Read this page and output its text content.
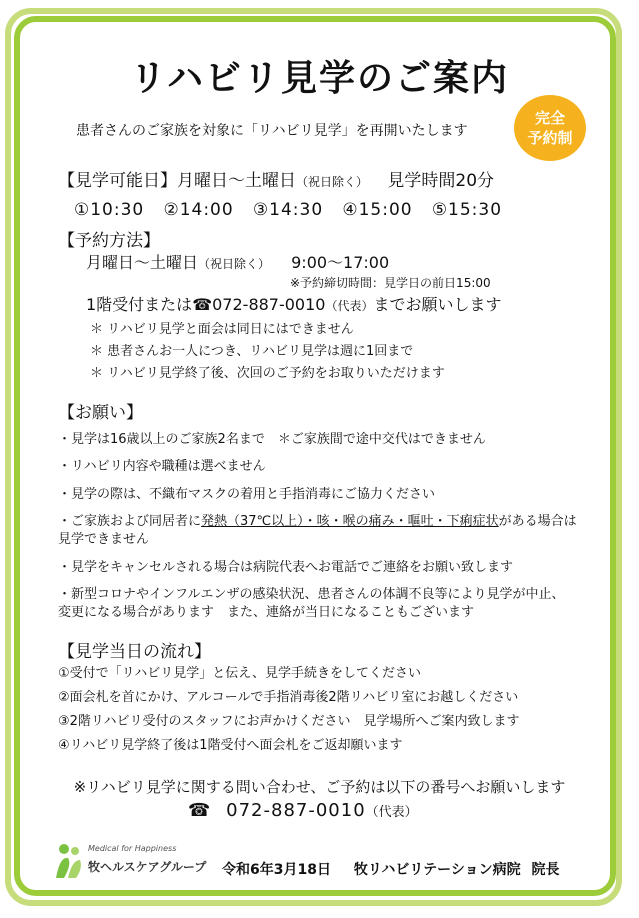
リハビリ見学のご案内
患者さんのご家族を対象に「リハビリ見学」を再開いたします
完全
予約制
【見学可能日】月曜日～土曜日（祝日除く） 見学時間20分
①10:30 ②14:00 ③14:30 ④15:00 ⑤15:30
【予約方法】
月曜日～土曜日（祝日除く） 9:00～17:00
※予約締切時間：見学日の前日15:00
1階受付または☎072-887-0010（代表）までお願いします
＊ リハビリ見学と面会は同日にはできません
＊ 患者さんお一人につき、リハビリ見学は週に1回まで
＊ リハビリ見学終了後、次回のご予約をお取りいただけます
【お願い】
・見学は16歳以上のご家族2名まで　＊ご家族間で途中交代はできません
・リハビリ内容や職種は選べません
・見学の際は、不織布マスクの着用と手指消毒にご協力ください
・ご家族および同居者に発熱（37℃以上）・咳・喉の痛み・嘔吐・下痢症状がある場合は
見学できません
・見学をキャンセルされる場合は病院代表へお電話でご連絡をお願い致します
・新型コロナやインフルエンザの感染状況、患者さんの体調不良等により見学が中止、
変更になる場合があります　また、連絡が当日になることもございます
【見学当日の流れ】
①受付で「リハビリ見学」と伝え、見学手続きをしてください
②面会札を首にかけ、アルコールで手指消毒後2階リハビリ室にお越しください
③2階リハビリ受付のスタッフにお声かけください　見学場所へご案内致します
④リハビリ見学終了後は1階受付へ面会札をご返却願います
※リハビリ見学に関する問い合わせ、ご予約は以下の番号へお願いします
☎ 072-887-0010（代表）
Medical for Happiness
牧ヘルスケアグループ 令和6年3月18日 牧リハビリテーション病院 院長
